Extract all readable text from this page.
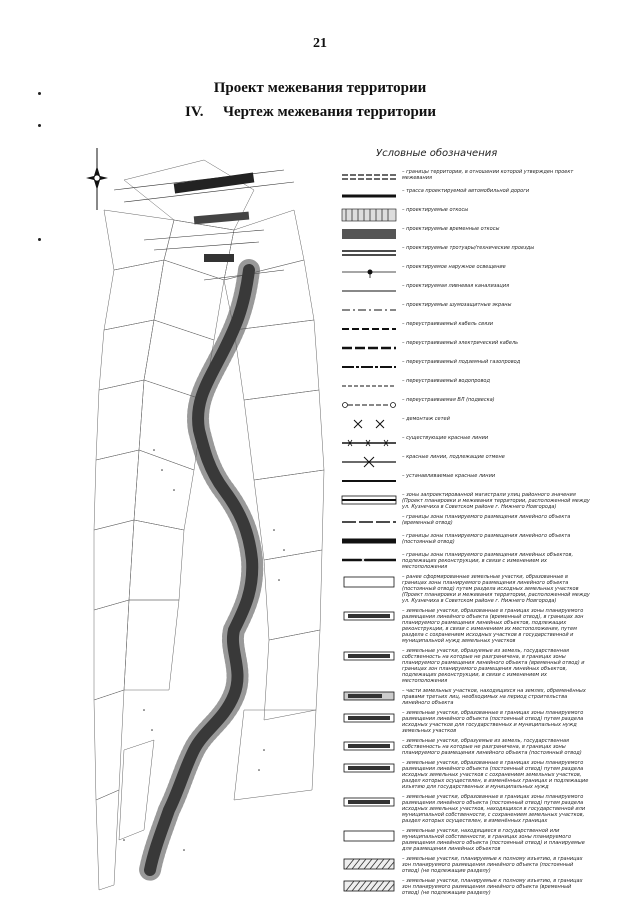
21
Проект межевания территории
IV. Чертеж межевания территории
Условные обозначения
– границы территории, в отношении которой утвержден проект межевания
– трасса проектируемой автомобильной дороги
– проектируемые откосы
– проектируемые временные откосы
– проектируемые тротуары/технические проезды
– проектируемое наружное освещение
– проектируемая ливневая канализация
– проектируемые шумозащитные экраны
– переустраиваемый кабель связи
– переустраиваемый электрический кабель
– переустраиваемый подземный газопровод
– переустраиваемый водопровод
– переустраиваемая ВЛ (подвеска)
– демонтаж сетей
– существующие красные линии
– красные линии, подлежащие отмене
– устанавливаемые красные линии
– зоны запроектированной магистрали улиц районного значения (Проект планировки и межевания территории, расположенной между ул. Кузнечиха в Советском районе г. Нижнего Новгорода)
– границы зоны планируемого размещения линейного объекта (временный отвод)
– границы зоны планируемого размещения линейного объекта (постоянный отвод)
– границы зоны планируемого размещения линейных объектов, подлежащих реконструкции, в связи с изменением их местоположения
– ранее сформированные земельные участки, образованные в границах зоны планируемого размещения линейного объекта (постоянный отвод) путем раздела исходных земельных участков (Проект планировки и межевания территории, расположенной между ул. Кузнечиха в Советском районе г. Нижнего Новгорода)
– земельные участки, образованные в границах зоны планируемого размещения линейного объекта (временный отвод), в границах зон планируемого размещения линейных объектов, подлежащих реконструкции, в связи с изменением их местоположения, путем раздела с сохранением исходных участков в государственной и муниципальной нужд земельных участков
– земельные участки, образуемые из земель, государственная собственность на которые не разграничена, в границах зоны планируемого размещения линейного объекта (временный отвод) и границах зон планируемого размещения линейных объектов, подлежащих реконструкции, в связи с изменением их местоположения
– части земельных участков, находящихся на землях, обременённых правами третьих лиц, необходимых на период строительства линейного объекта
– земельные участки, образованные в границах зоны планируемого размещения линейного объекта (постоянный отвод) путем раздела исходных участков для государственных и муниципальных нужд земельных участков
– земельные участки, образуемые из земель, государственная собственность на которые не разграничена, в границах зоны планируемого размещения линейного объекта (постоянный отвод)
– земельные участки, образованные в границах зоны планируемого размещения линейного объекта (постоянный отвод) путем раздела исходных земельных участков с сохранением земельных участков, раздел которых осуществлен, в изменённых границах и подлежащие изъятию для государственных и муниципальных нужд
– земельные участки, образованные в границах зоны планируемого размещения линейного объекта (постоянный отвод) путем раздела исходных земельных участков, находящихся в государственной или муниципальной собственности, с сохранением земельных участков, раздел которых осуществлен, в изменённых границах
– земельные участки, находящиеся в государственной или муниципальной собственности, в границах зоны планируемого размещения линейного объекта (постоянный отвод) и планируемые для размещения линейных объектов
– земельные участки, планируемые к полному изъятию, в границах зон планируемого размещения линейного объекта (постоянный отвод) (не подлежащие разделу)
– земельные участки, планируемые к полному изъятию, в границах зон планируемого размещения линейного объекта (временный отвод) (не подлежащие разделу)
